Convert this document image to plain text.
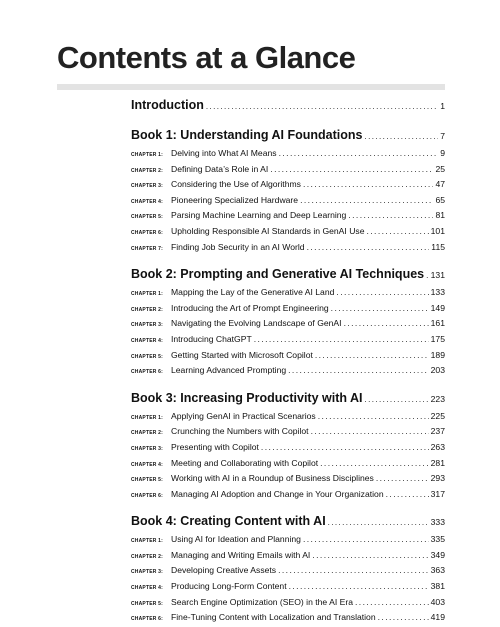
Contents at a Glance
Introduction .....	1
Book 1: Understanding AI Foundations .....	7
CHAPTER 1: Delving into What AI Means .....	9
CHAPTER 2: Defining Data’s Role in AI .....	25
CHAPTER 3: Considering the Use of Algorithms .....	47
CHAPTER 4: Pioneering Specialized Hardware .....	65
CHAPTER 5: Parsing Machine Learning and Deep Learning .....	81
CHAPTER 6: Upholding Responsible AI Standards in GenAI Use .....	101
CHAPTER 7: Finding Job Security in an AI World .....	115
Book 2: Prompting and Generative AI Techniques ..... 131
CHAPTER 1: Mapping the Lay of the Generative AI Land .....	133
CHAPTER 2: Introducing the Art of Prompt Engineering .....	149
CHAPTER 3: Navigating the Evolving Landscape of GenAI .....	161
CHAPTER 4: Introducing ChatGPT .....	175
CHAPTER 5: Getting Started with Microsoft Copilot .....	189
CHAPTER 6: Learning Advanced Prompting .....	203
Book 3: Increasing Productivity with AI .....	223
CHAPTER 1: Applying GenAI in Practical Scenarios .....	225
CHAPTER 2: Crunching the Numbers with Copilot .....	237
CHAPTER 3: Presenting with Copilot .....	263
CHAPTER 4: Meeting and Collaborating with Copilot .....	281
CHAPTER 5: Working with AI in a Roundup of Business Disciplines .....	293
CHAPTER 6: Managing AI Adoption and Change in Your Organization .....	317
Book 4: Creating Content with AI .....	333
CHAPTER 1: Using AI for Ideation and Planning .....	335
CHAPTER 2: Managing and Writing Emails with AI .....	349
CHAPTER 3: Developing Creative Assets .....	363
CHAPTER 4: Producing Long-Form Content .....	381
CHAPTER 5: Search Engine Optimization (SEO) in the AI Era .....	403
CHAPTER 6: Fine-Tuning Content with Localization and Translation .....	419
